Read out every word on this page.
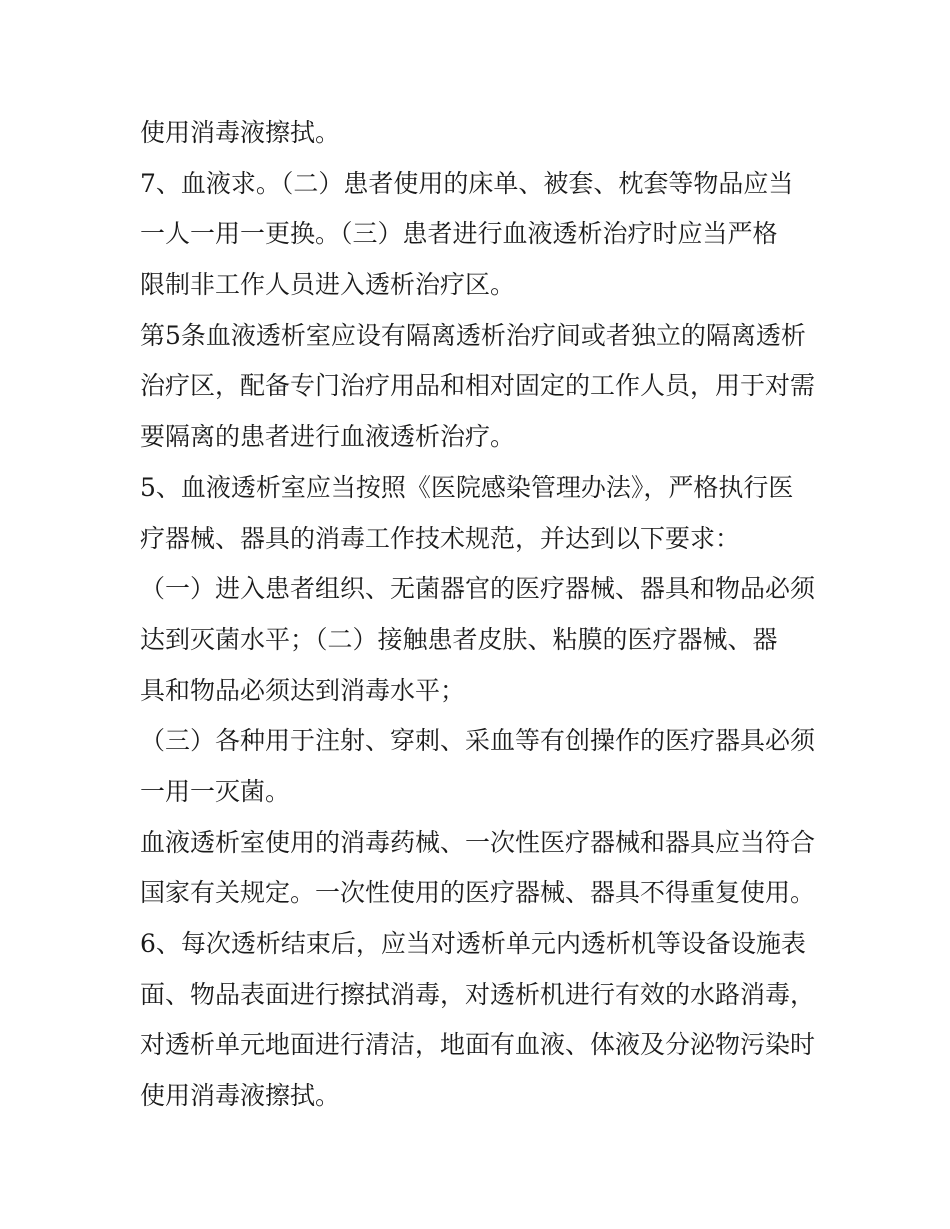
使用消毒液擦拭。
7、血液求。（二）患者使用的床单、被套、枕套等物品应当
一人一用一更换。（三）患者进行血液透析治疗时应当严格
限制非工作人员进入透析治疗区。
第5条血液透析室应设有隔离透析治疗间或者独立的隔离透析
治疗区，配备专门治疗用品和相对固定的工作人员，用于对需
要隔离的患者进行血液透析治疗。
5、血液透析室应当按照《医院感染管理办法》，严格执行医
疗器械、器具的消毒工作技术规范，并达到以下要求：
（一）进入患者组织、无菌器官的医疗器械、器具和物品必须
达到灭菌水平；（二）接触患者皮肤、粘膜的医疗器械、器
具和物品必须达到消毒水平；
（三）各种用于注射、穿刺、采血等有创操作的医疗器具必须
一用一灭菌。
血液透析室使用的消毒药械、一次性医疗器械和器具应当符合
国家有关规定。一次性使用的医疗器械、器具不得重复使用。
6、每次透析结束后，应当对透析单元内透析机等设备设施表
面、物品表面进行擦拭消毒，对透析机进行有效的水路消毒，
对透析单元地面进行清洁，地面有血液、体液及分泌物污染时
使用消毒液擦拭。
